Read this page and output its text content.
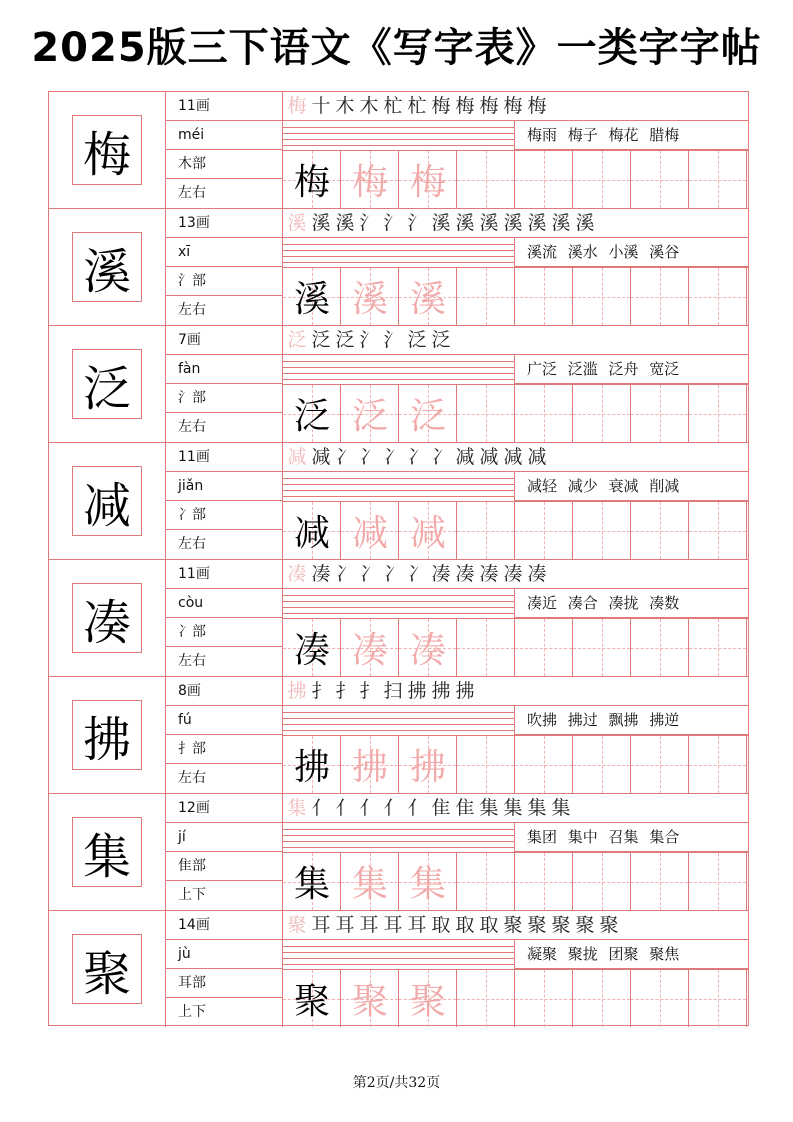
2025版三下语文《写字表》一类字字帖
梅
11画
méi
木部
左右
梅 十 木 木 杧 杧 梅 梅 梅 梅 梅
梅雨 梅子 梅花 腊梅
梅 梅 梅
溪
13画
xī
氵部
左右
溪 溪 溪 氵 氵 氵 溪 溪 溪 溪 溪 溪 溪
溪流 溪水 小溪 溪谷
溪 溪 溪
泛
7画
fàn
氵部
左右
泛 泛 泛 氵 氵 泛 泛
广泛 泛滥 泛舟 宽泛
泛 泛 泛
减
11画
jiǎn
冫部
左右
减 减 冫 冫 冫 冫 冫 减 减 减 减
减轻 减少 衰减 削减
减 减 减
凑
11画
còu
冫部
左右
凑 凑 冫 冫 冫 冫 凑 凑 凑 凑 凑
凑近 凑合 凑拢 凑数
凑 凑 凑
拂
8画
fú
扌部
左右
拂 扌 扌 扌 扫 拂 拂 拂
吹拂 拂过 飘拂 拂逆
拂 拂 拂
集
12画
jí
隹部
上下
集 亻 亻 亻 亻 亻 隹 隹 集 集 集 集
集团 集中 召集 集合
集 集 集
聚
14画
jù
耳部
上下
聚 耳 耳 耳 耳 耳 取 取 取 聚 聚 聚 聚 聚
凝聚 聚拢 团聚 聚焦
聚 聚 聚
第2页/共32页
